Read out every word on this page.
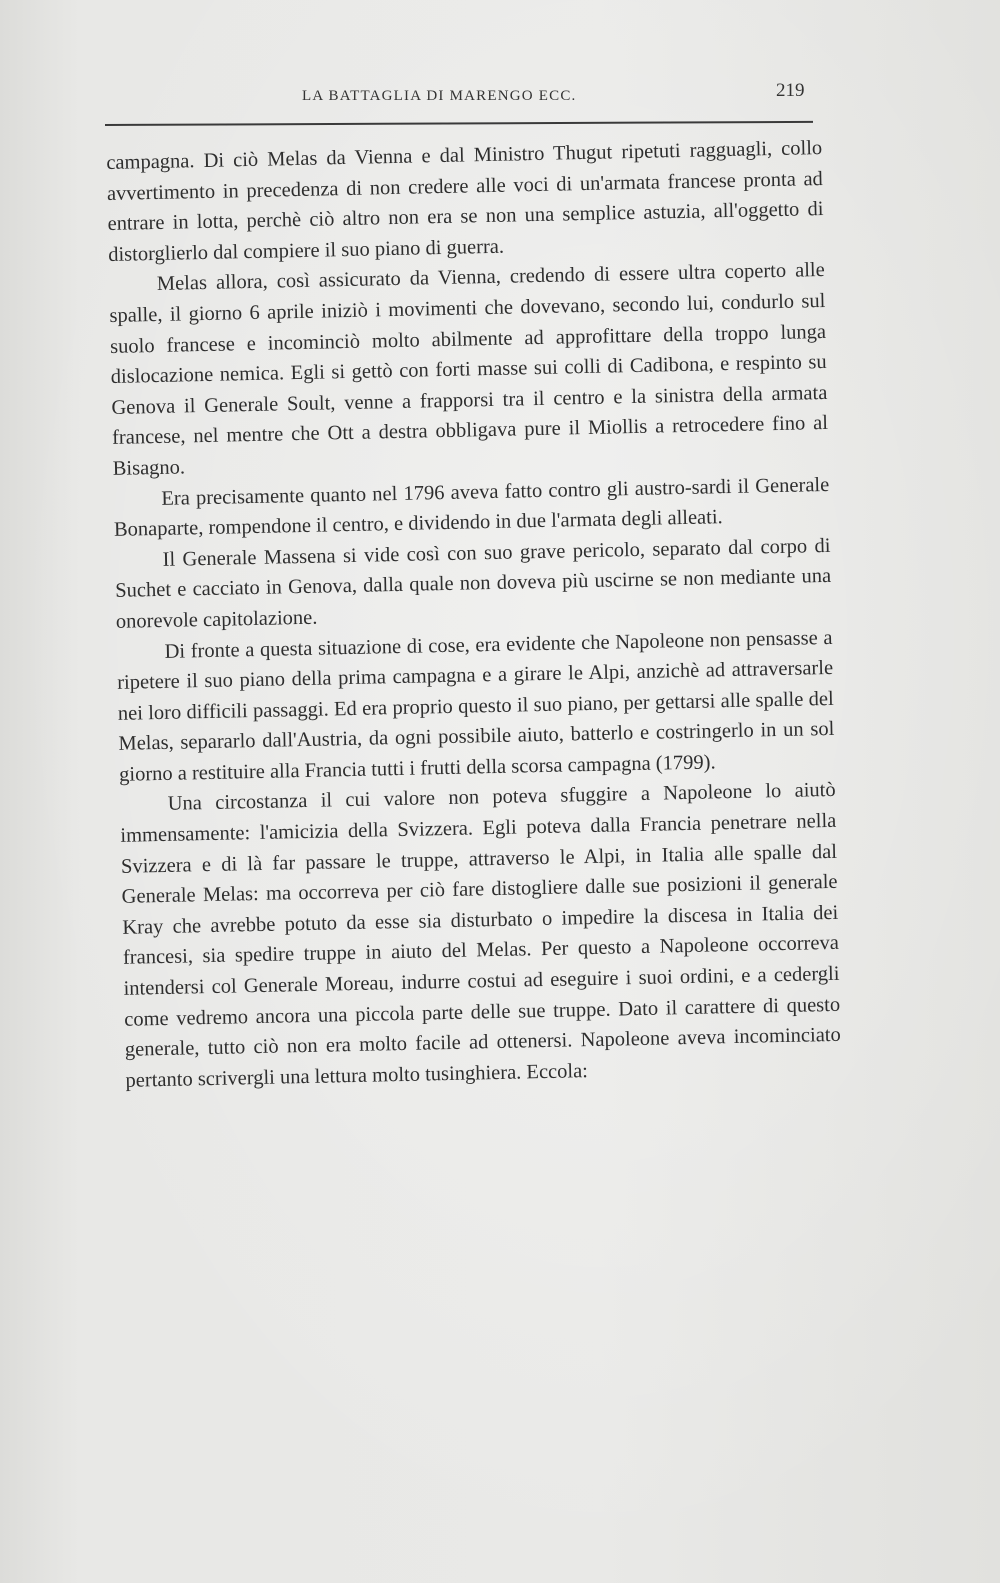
LA BATTAGLIA DI MARENGO ECC.	219

campagna. Di ciò Melas da Vienna e dal Ministro Thugut ripetuti ragguagli, collo avvertimento in precedenza di non credere alle voci di un'armata francese pronta ad entrare in lotta, perchè ciò altro non era se non una semplice astuzia, all'oggetto di distorglierlo dal compiere il suo piano di guerra.

Melas allora, così assicurato da Vienna, credendo di essere ultra coperto alle spalle, il giorno 6 aprile iniziò i movimenti che dovevano, secondo lui, condurlo sul suolo francese e incominciò molto abilmente ad approfittare della troppo lunga dislocazione nemica. Egli si gettò con forti masse sui colli di Cadibona, e respinto su Genova il Generale Soult, venne a frapporsi tra il centro e la sinistra della armata francese, nel mentre che Ott a destra obbligava pure il Miollis a retrocedere fino al Bisagno.

Era precisamente quanto nel 1796 aveva fatto contro gli austro-sardi il Generale Bonaparte, rompendone il centro, e dividendo in due l'armata degli alleati.

Il Generale Massena si vide così con suo grave pericolo, separato dal corpo di Suchet e cacciato in Genova, dalla quale non doveva più uscirne se non mediante una onorevole capitolazione.

Di fronte a questa situazione di cose, era evidente che Napoleone non pensasse a ripetere il suo piano della prima campagna e a girare le Alpi, anzichè ad attraversarle nei loro difficili passaggi. Ed era proprio questo il suo piano, per gettarsi alle spalle del Melas, separarlo dall'Austria, da ogni possibile aiuto, batterlo e costringerlo in un sol giorno a restituire alla Francia tutti i frutti della scorsa campagna (1799).

Una circostanza il cui valore non poteva sfuggire a Napoleone lo aiutò immensamente: l'amicizia della Svizzera. Egli poteva dalla Francia penetrare nella Svizzera e di là far passare le truppe, attraverso le Alpi, in Italia alle spalle dal Generale Melas: ma occorreva per ciò fare distogliere dalle sue posizioni il generale Kray che avrebbe potuto da esse sia disturbato o impedire la discesa in Italia dei francesi, sia spedire truppe in aiuto del Melas. Per questo a Napoleone occorreva intendersi col Generale Moreau, indurre costui ad eseguire i suoi ordini, e a cedergli come vedremo ancora una piccola parte delle sue truppe. Dato il carattere di questo generale, tutto ciò non era molto facile ad ottenersi. Napoleone aveva incominciato pertanto scrivergli una lettura molto tusinghiera. Eccola:
